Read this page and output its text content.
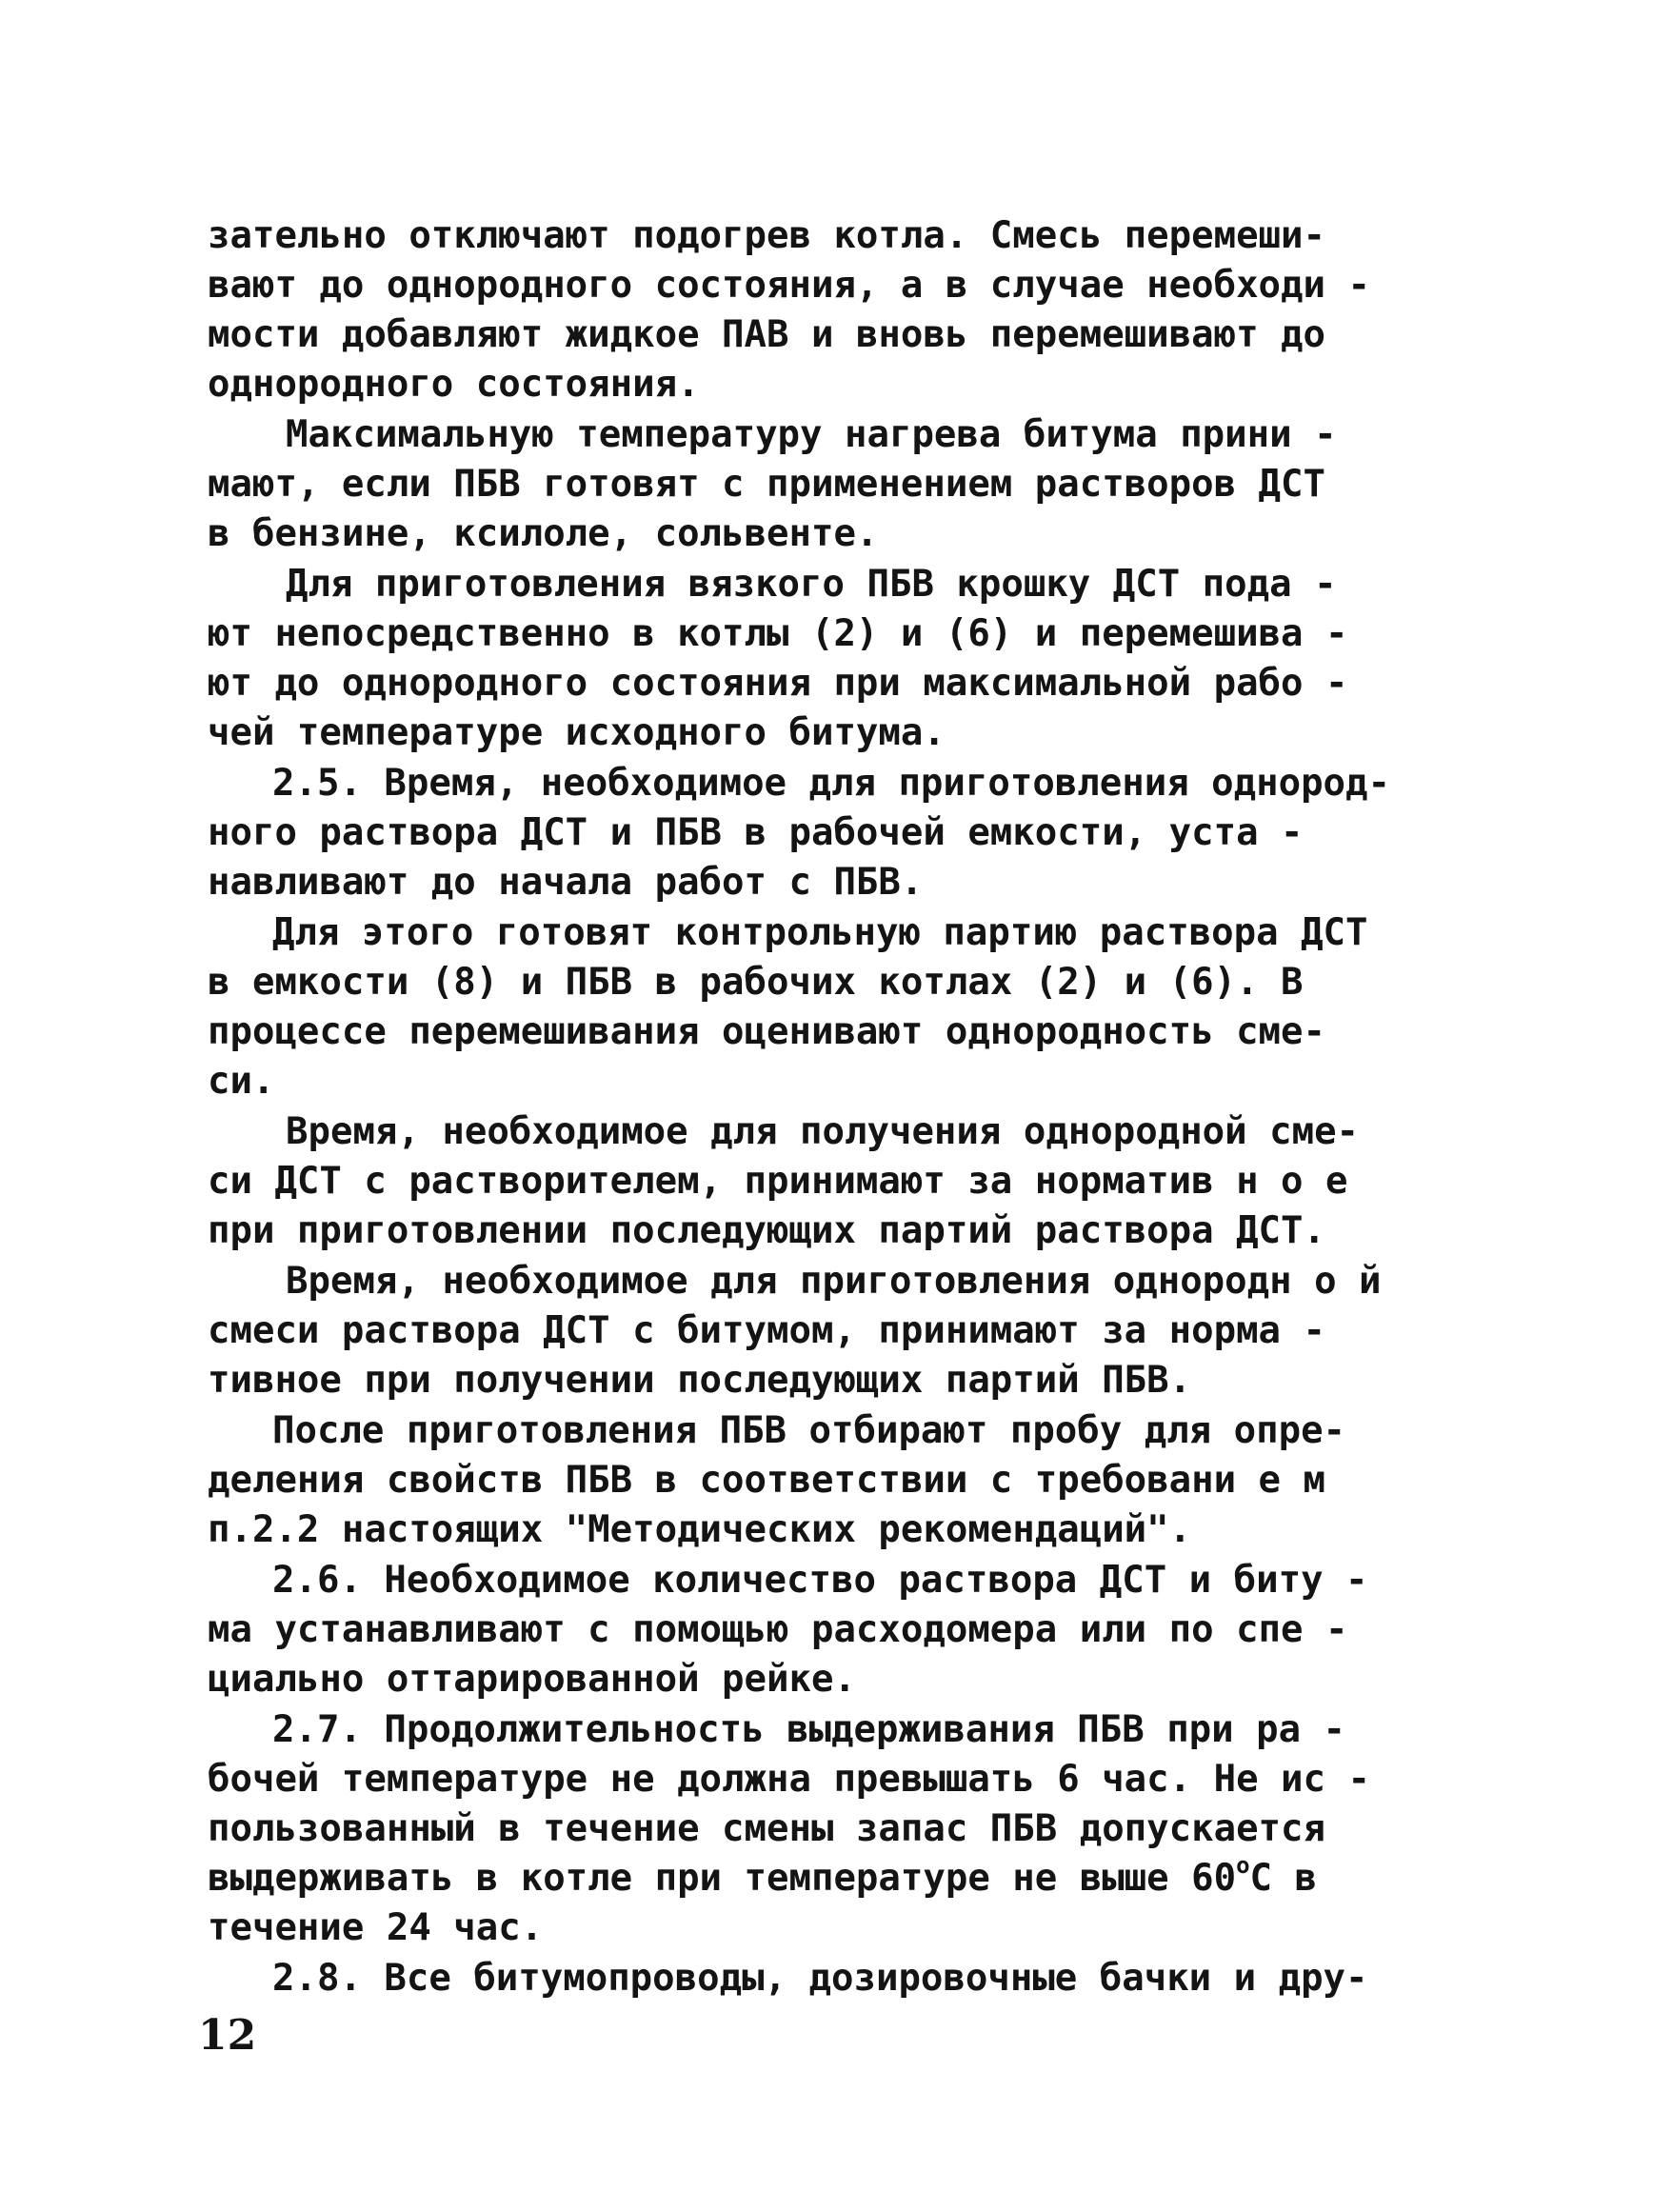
зательно отключают подогрев котла. Смесь перемеши-
вают до однородного состояния, а в случае необходи -
мости добавляют жидкое ПАВ и вновь перемешивают до
однородного состояния.
Максимальную температуру нагрева битума прини -
мают, если ПБВ готовят с применением растворов ДСТ
в бензине, ксилоле, сольвенте.
Для приготовления вязкого ПБВ крошку ДСТ пода -
ют непосредственно в котлы (2) и (6) и перемешива -
ют до однородного состояния при максимальной рабо -
чей температуре исходного битума.
2.5. Время, необходимое для приготовления однород-
ного раствора ДСТ и ПБВ в рабочей емкости, уста -
навливают до начала работ с ПБВ.
Для этого готовят контрольную партию раствора ДСТ
в емкости (8) и ПБВ в рабочих котлах (2) и (6). В
процессе перемешивания оценивают однородность сме-
си.
Время, необходимое для получения однородной сме-
си ДСТ с растворителем, принимают за норматив н о е
при приготовлении последующих партий раствора ДСТ.
Время, необходимое для приготовления однородн о й
смеси раствора ДСТ с битумом, принимают за норма -
тивное при получении последующих партий ПБВ.
После приготовления ПБВ отбирают пробу для опре-
деления свойств ПБВ в соответствии с требовани е м
п.2.2 настоящих "Методических рекомендаций".
2.6. Необходимое количество раствора ДСТ и биту -
ма устанавливают с помощью расходомера или по спе -
циально оттарированной рейке.
2.7. Продолжительность выдерживания ПБВ при ра -
бочей температуре не должна превышать 6 час. Не ис -
пользованный в течение смены запас ПБВ допускается
выдерживать в котле при температуре не выше $60^оС$ в
течение 24 час.
2.8. Все битумопроводы, дозировочные бачки и дру-
12
